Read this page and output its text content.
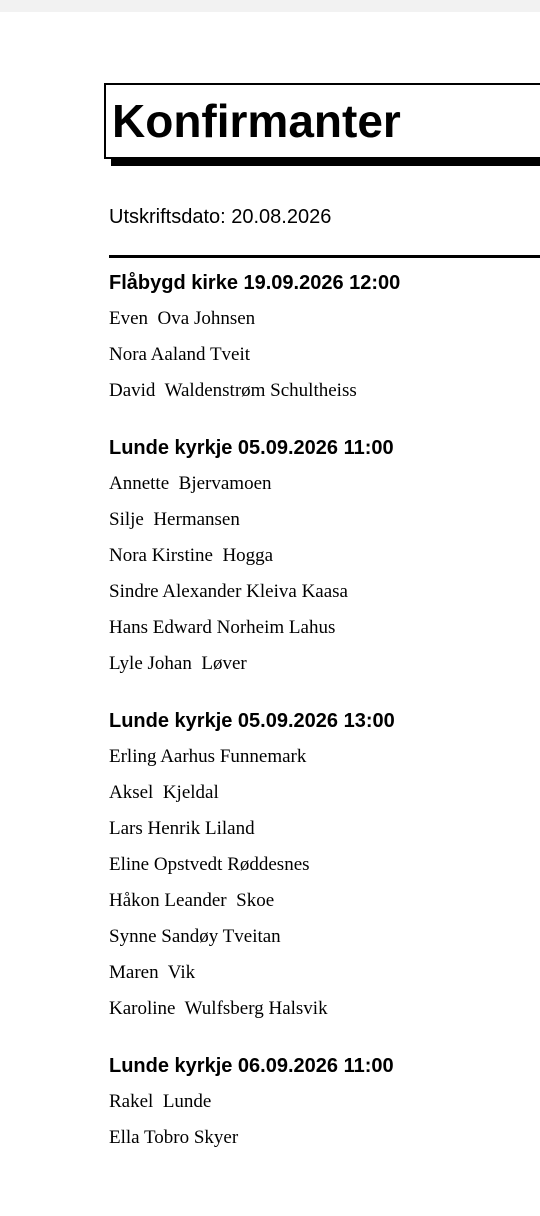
Konfirmanter
Utskriftsdato: 20.08.2026
Flåbygd kirke 19.09.2026 12:00
Even  Ova Johnsen
Nora Aaland Tveit
David  Waldenstrøm Schultheiss
Lunde kyrkje 05.09.2026 11:00
Annette  Bjervamoen
Silje  Hermansen
Nora Kirstine  Hogga
Sindre Alexander Kleiva Kaasa
Hans Edward Norheim Lahus
Lyle Johan  Løver
Lunde kyrkje 05.09.2026 13:00
Erling Aarhus Funnemark
Aksel  Kjeldal
Lars Henrik Liland
Eline Opstvedt Røddesnes
Håkon Leander  Skoe
Synne Sandøy Tveitan
Maren  Vik
Karoline  Wulfsberg Halsvik
Lunde kyrkje 06.09.2026 11:00
Rakel  Lunde
Ella Tobro Skyer
